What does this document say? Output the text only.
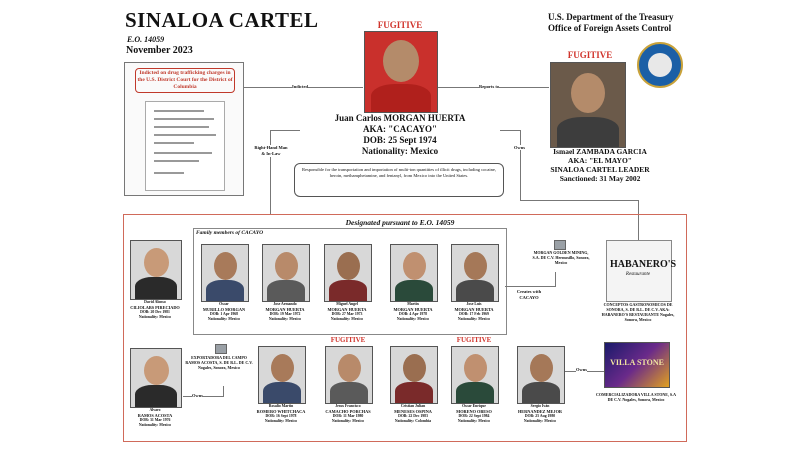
SINALOA CARTEL
E.O. 14059
November 2023
U.S. Department of the Treasury
Office of Foreign Assets Control
Indicted on drug trafficking charges in the U.S. District Court for the District of Columbia	Indicted	Reports to
Right-Hand Man & In-Law
Owns
FUGITIVE
Juan Carlos MORGAN HUERTA
AKA: "CACAYO"
DOB: 25 Sept 1974
Nationality: Mexico
Responsible for the transportation and importation of multi-ton quantities of illicit drugs, including cocaine, heroin, methamphetamine, and fentanyl, from Mexico into the United States.
FUGITIVE
Ismael ZAMBADA GARCIA
AKA: "EL MAYO"
SINALOA CARTEL LEADER
Sanctioned: 31 May 2002
Designated pursuant to E.O. 14059
Family members of CACAYO
David Alonso
CILIOLABS PIRECIADO
DOB: 20 Dec 1981
Nationality: Mexico
Oscar
MURILLO MORGAN
DOB: 1 Apr 1968
Nationality: Mexico
Jose Armando
MORGAN HUERTA
DOB: 19 Mar 1972
Nationality: Mexico
Miguel Angel
MORGAN HUERTA
DOB: 27 Mar 1973
Nationality: Mexico
Martin
MORGAN HUERTA
DOB: 4 Apr 1978
Nationality: Mexico
Jose Luis
MORGAN HUERTA
DOB: 17 Feb 1969
Nationality: Mexico
Alvaro
RAMOS ACOSTA
DOB: 31 Mar 1976
Nationality: Mexico
Rosalio Martin
ROMERO WHITCHACA
DOB: 16 Sept 1978
Nationality: Mexico
FUGITIVE
Jesus Francisco
CAMACHO PORCHAS
DOB: 11 Mar 1980
Nationality: Mexico
Cristian Julian
MENESES OSPINA
DOB: 22 Dec 1983
Nationality: Colombia
FUGITIVE
Oscar Enrique
MORENO OBESO
DOB: 22 Sept 1984
Nationality: Mexico
Sergio Iván
HERNANDEZ MEJOR
DOB: 25 Aug 1980
Nationality: Mexico
MORGAN GOLDEN MINING, S.A. DE C.V. Hermosillo, Sonora, Mexico
Creates with CACAYO
HABANERO'S
Restaurante
CONCEPTOS GASTRONOMICOS DE SONORA, S. DE R.L. DE C.V. AKA: HABANERO'S RESTAURANTE Nogales, Sonora, Mexico
EXPORTADORA DEL CAMPO RAMOS ACOSTA, S. DE R.L. DE C.V. Nogales, Sonora, Mexico
Owns
VILLA STONE
COMERCIALIZADORA VILLA STONE, S.A DE C.V. Nogales, Sonora, Mexico
Owns
